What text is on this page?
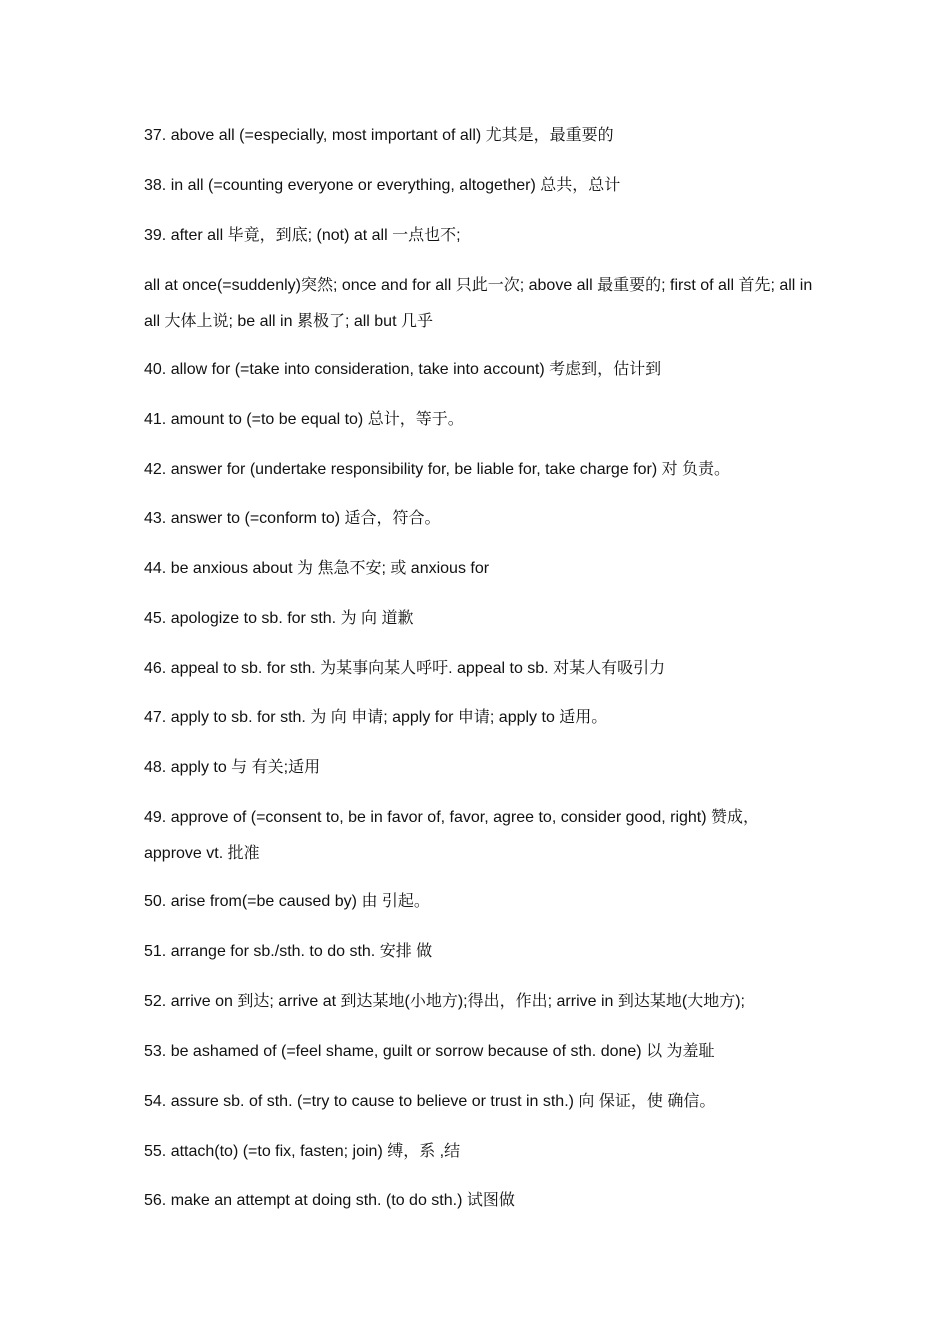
37. above all (=especially, most important of all) 尤其是，最重要的
38. in all (=counting everyone or everything, altogether) 总共，总计
39. after all 毕竟，到底; (not) at all 一点也不;
all at once(=suddenly)突然; once and for all 只此一次; above all 最重要的; first of all 首先; all in all 大体上说; be all in 累极了; all but 几乎
40. allow for (=take into consideration, take into account) 考虑到，估计到
41. amount to (=to be equal to) 总计，等于。
42. answer for (undertake responsibility for, be liable for, take charge for) 对 负责。
43. answer to (=conform to) 适合，符合。
44. be anxious about 为 焦急不安; 或 anxious for
45. apologize to sb. for sth. 为 向 道歉
46. appeal to sb. for sth. 为某事向某人呼吁. appeal to sb. 对某人有吸引力
47. apply to sb. for sth. 为 向 申请; apply for 申请; apply to 适用。
48. apply to 与 有关;适用
49. approve of (=consent to, be in favor of, favor, agree to, consider good, right) 赞成，approve vt. 批准
50. arise from(=be caused by) 由 引起。
51. arrange for sb./sth. to do sth. 安排 做
52. arrive on 到达; arrive at 到达某地(小地方);得出，作出; arrive in 到达某地(大地方);
53. be ashamed of (=feel shame, guilt or sorrow because of sth. done) 以 为羞耻
54. assure sb. of sth. (=try to cause to believe or trust in sth.) 向 保证，使 确信。
55. attach(to) (=to fix, fasten; join) 缚，系 ,结
56. make an attempt at doing sth. (to do sth.) 试图做
